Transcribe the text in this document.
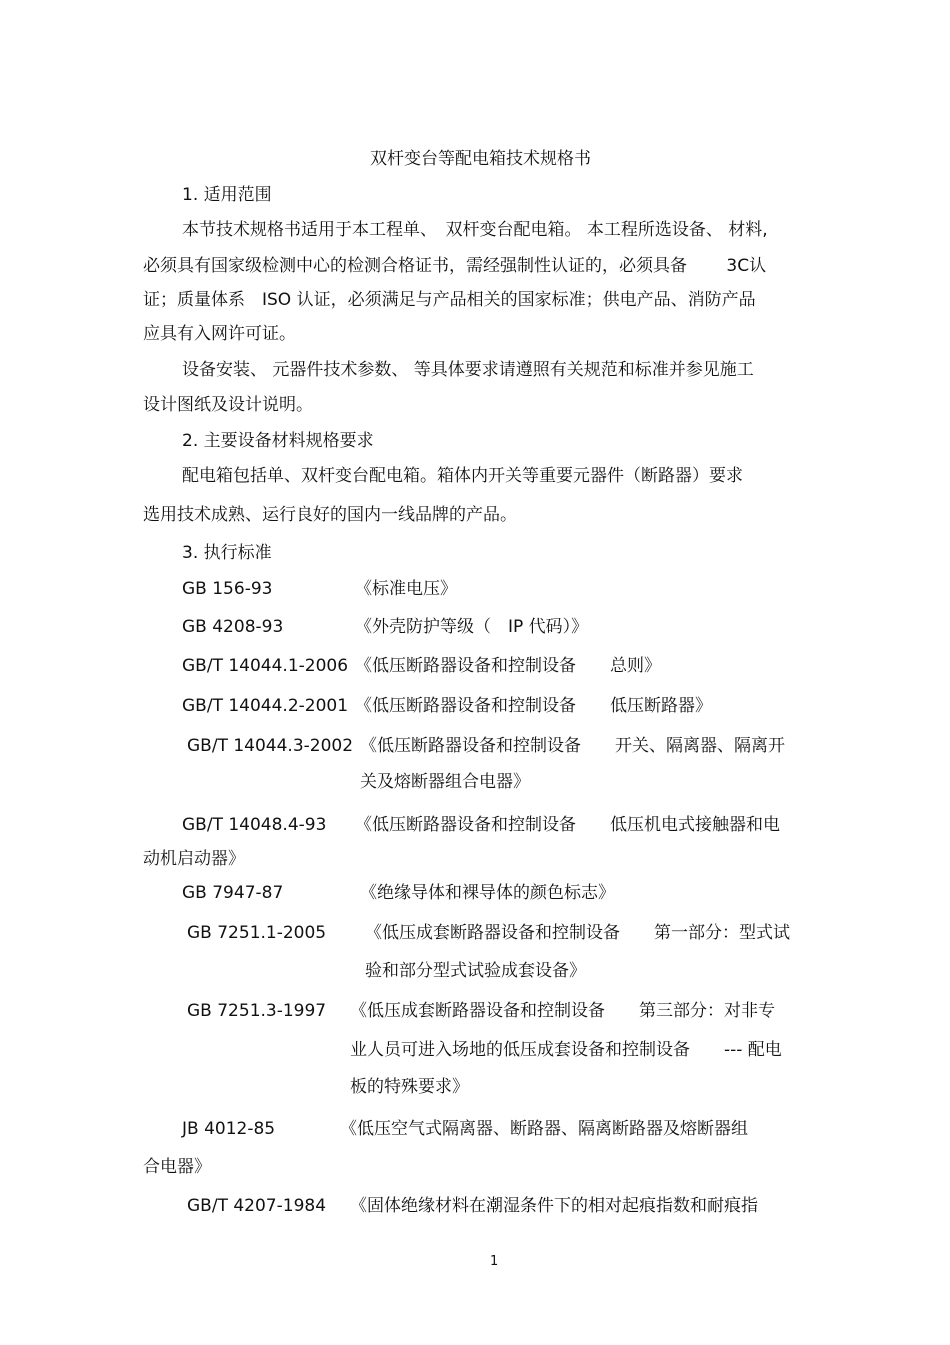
双杆变台等配电箱技术规格书
1. 适用范围
本节技术规格书适用于本工程单、　双杆变台配电箱。 本工程所选设备、 材料,
必须具有国家级检测中心的检测合格证书，需经强制性认证的，必须具备　　 3C认
证；质量体系　ISO 认证，必须满足与产品相关的国家标准；供电产品、消防产品
应具有入网许可证。
设备安装、 元器件技术参数、 等具体要求请遵照有关规范和标准并参见施工
设计图纸及设计说明。
2. 主要设备材料规格要求
配电箱包括单、双杆变台配电箱。箱体内开关等重要元器件（断路器）要求
选用技术成熟、运行良好的国内一线品牌的产品。
3. 执行标准
GB 156-93	《标准电压》
GB 4208-93	《外壳防护等级（　IP 代码）》
GB/T 14044.1-2006 《低压断路器设备和控制设备　　总则》
GB/T 14044.2-2001 《低压断路器设备和控制设备　　低压断路器》
GB/T 14044.3-2002 《低压断路器设备和控制设备　　开关、隔离器、隔离开
关及熔断器组合电器》
GB/T 14048.4-93 《低压断路器设备和控制设备　　低压机电式接触器和电
动机启动器》
GB 7947-87	《绝缘导体和裸导体的颜色标志》
GB 7251.1-2005 《低压成套断路器设备和控制设备　　第一部分：型式试
验和部分型式试验成套设备》
GB 7251.3-1997 《低压成套断路器设备和控制设备　　第三部分：对非专
业人员可进入场地的低压成套设备和控制设备　　--- 配电
板的特殊要求》
JB 4012-85	《低压空气式隔离器、断路器、隔离断路器及熔断器组
合电器》
GB/T 4207-1984 《固体绝缘材料在潮湿条件下的相对起痕指数和耐痕指
1
